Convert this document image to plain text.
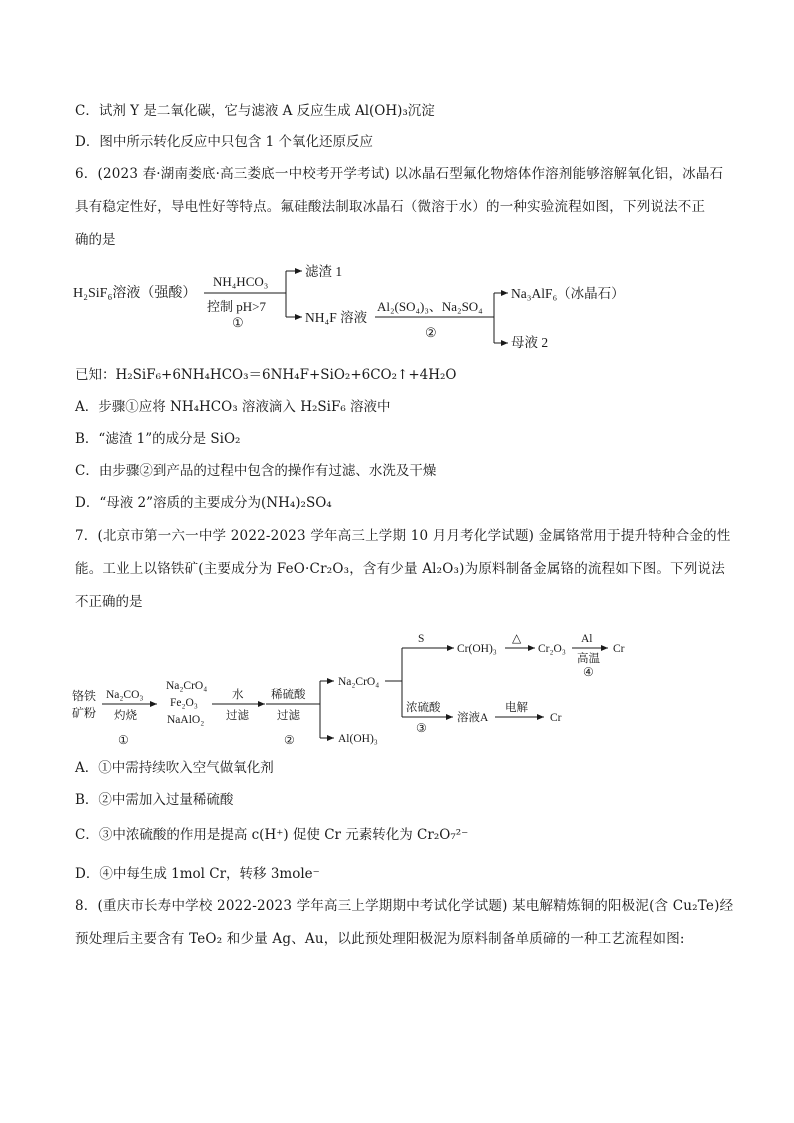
C．试剂 Y 是二氧化碳，它与滤液 A 反应生成 Al(OH)₃沉淀
D．图中所示转化反应中只包含 1 个氧化还原反应
6．(2023 春·湖南娄底·高三娄底一中校考开学考试) 以冰晶石型氟化物熔体作溶剂能够溶解氧化铝，冰晶石
具有稳定性好，导电性好等特点。氟硅酸法制取冰晶石（微溶于水）的一种实验流程如图，下列说法不正
确的是
H₂SiF₆溶液（强酸）
NH₄HCO₃
控制 pH>7
①
滤渣 1
NH₄F 溶液
Al₂(SO₄)₃、Na₂SO₄
②
Na₃AlF₆（冰晶石）
母液 2
已知：H₂SiF₆+6NH₄HCO₃＝6NH₄F+SiO₂+6CO₂↑+4H₂O
A．步骤①应将 NH₄HCO₃ 溶液滴入 H₂SiF₆ 溶液中
B．“滤渣 1”的成分是 SiO₂
C．由步骤②到产品的过程中包含的操作有过滤、水洗及干燥
D．“母液 2”溶质的主要成分为(NH₄)₂SO₄
7．(北京市第一六一中学 2022-2023 学年高三上学期 10 月月考化学试题) 金属铬常用于提升特种合金的性
能。工业上以铬铁矿(主要成分为 FeO·Cr₂O₃，含有少量 Al₂O₃)为原料制备金属铬的流程如下图。下列说法
不正确的是
铬铁
矿粉
Na₂CO₃
灼烧
①
Na₂CrO₄
Fe₂O₃
NaAlO₂
水
过滤
稀硫酸
过滤
②
Na₂CrO₄
Al(OH)₃
S
Cr(OH)₃
△
Cr₂O₃
Al
高温
④
Cr
浓硫酸
③
溶液A
电解
Cr
A．①中需持续吹入空气做氧化剂
B．②中需加入过量稀硫酸
C．③中浓硫酸的作用是提高 c(H⁺) 促使 Cr 元素转化为 Cr₂O₇²⁻
D．④中每生成 1mol Cr，转移 3mole⁻
8．(重庆市长寿中学校 2022-2023 学年高三上学期期中考试化学试题) 某电解精炼铜的阳极泥(含 Cu₂Te)经
预处理后主要含有 TeO₂ 和少量 Ag、Au，以此预处理阳极泥为原料制备单质碲的一种工艺流程如图:
